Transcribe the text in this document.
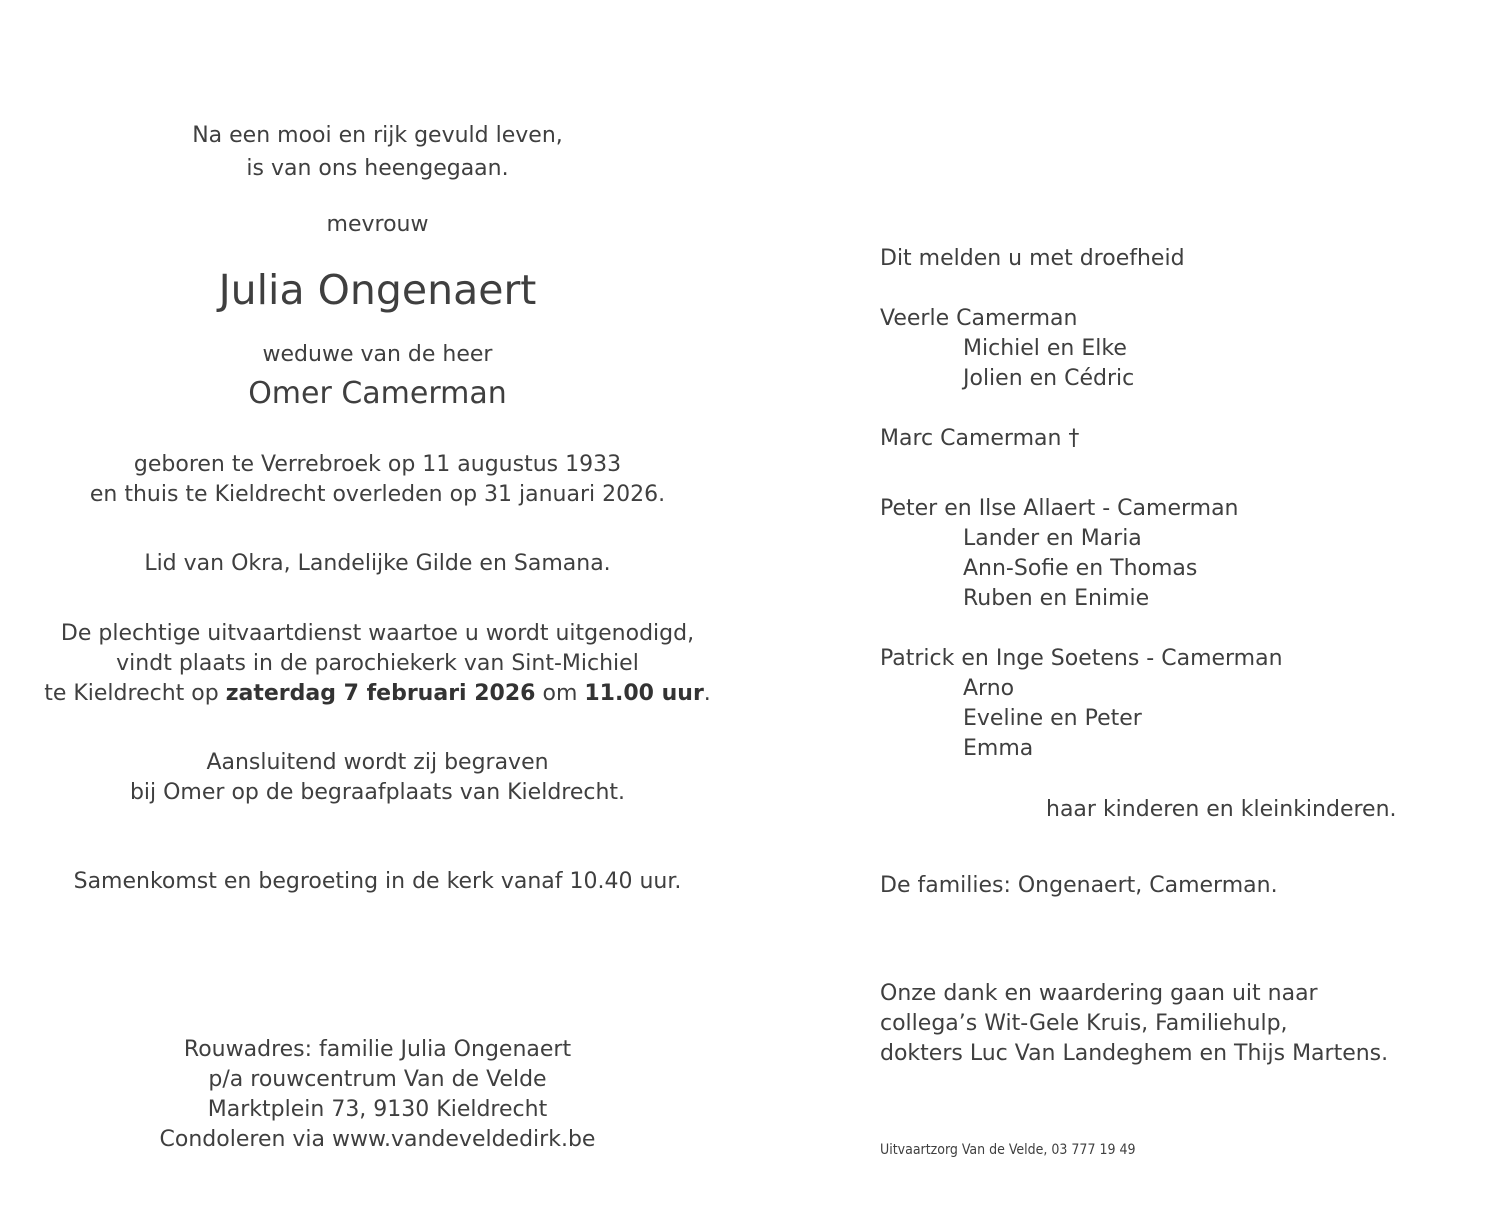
Na een mooi en rijk gevuld leven,
is van ons heengegaan.
mevrouw
Julia Ongenaert
weduwe van de heer
Omer Camerman
geboren te Verrebroek op 11 augustus 1933
en thuis te Kieldrecht overleden op 31 januari 2026.
Lid van Okra, Landelijke Gilde en Samana.
De plechtige uitvaartdienst waartoe u wordt uitgenodigd,
vindt plaats in de parochiekerk van Sint-Michiel
te Kieldrecht op zaterdag 7 februari 2026 om 11.00 uur.
Aansluitend wordt zij begraven
bij Omer op de begraafplaats van Kieldrecht.
Samenkomst en begroeting in de kerk vanaf 10.40 uur.
Rouwadres: familie Julia Ongenaert
p/a rouwcentrum Van de Velde
Marktplein 73, 9130 Kieldrecht
Condoleren via www.vandeveldedirk.be
Dit melden u met droefheid
Veerle Camerman
Michiel en Elke
Jolien en Cédric
Marc Camerman †
Peter en Ilse Allaert - Camerman
Lander en Maria
Ann-Sofie en Thomas
Ruben en Enimie
Patrick en Inge Soetens - Camerman
Arno
Eveline en Peter
Emma
haar kinderen en kleinkinderen.
De families: Ongenaert, Camerman.
Onze dank en waardering gaan uit naar
collega’s Wit-Gele Kruis, Familiehulp,
dokters Luc Van Landeghem en Thijs Martens.
Uitvaartzorg Van de Velde, 03 777 19 49
